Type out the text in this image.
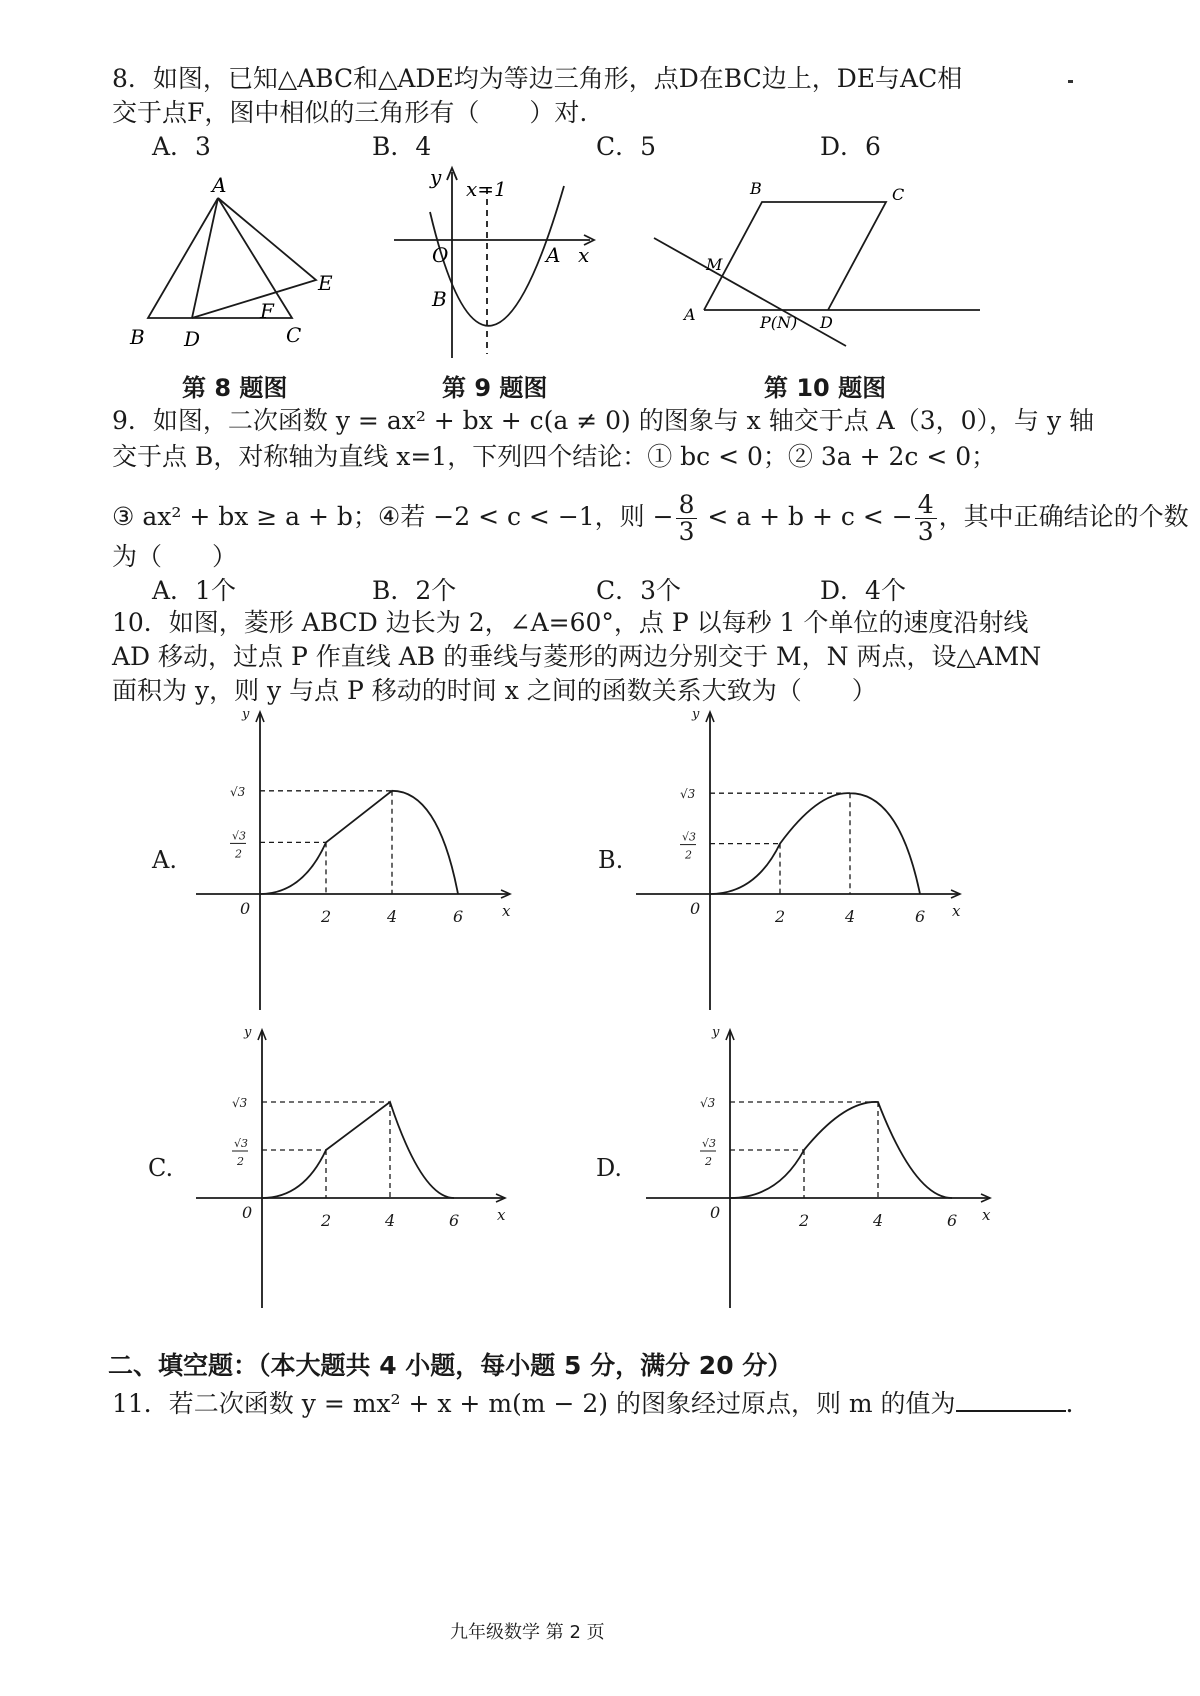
8．如图，已知△ABC和△ADE均为等边三角形，点D在BC边上，DE与AC相
交于点F，图中相似的三角形有（　　）对.
A．3	B．4	C．5	D．6
A
B D	C
E
F
第 8 题图
y x=1
x
O	A
B
第 9 题图
B	C
M
A	P(N) D
第 10 题图
9．如图，二次函数 y = ax² + bx + c(a ≠ 0) 的图象与 x 轴交于点 A（3，0），与 y 轴
交于点 B，对称轴为直线 x=1，下列四个结论：① bc < 0；② 3a + 2c < 0；
③ ax² + bx ≥ a + b；④若 −2 < c < −1，则 − $\frac{8}{3} < a + b + c$ < − $\frac{4}{3}$ ，其中正确结论的个数
为（　　）
A．1个	B．2个	C．3个	D．4个
10．如图，菱形 ABCD 边长为 2，∠A=60°，点 P 以每秒 1 个单位的速度沿射线
AD 移动，过点 P 作直线 AB 的垂线与菱形的两边分别交于 M，N 两点，设△AMN
面积为 y，则 y 与点 P 移动的时间 x 之间的函数关系大致为（　　）
A.	B.
C.	D.
y
x
0	2	4	6
√3
√3
2
y
x
0	2	4	6
√3
√3
2
y
x
0	2	4	6
√3
√3
2
y
x
0	2	4	6
√3
√3
2
二、填空题：（本大题共 4 小题，每小题 5 分，满分 20 分）
11．若二次函数 y = mx² + x + m(m − 2) 的图象经过原点，则 m 的值为	.
九年级数学 第 2 页
